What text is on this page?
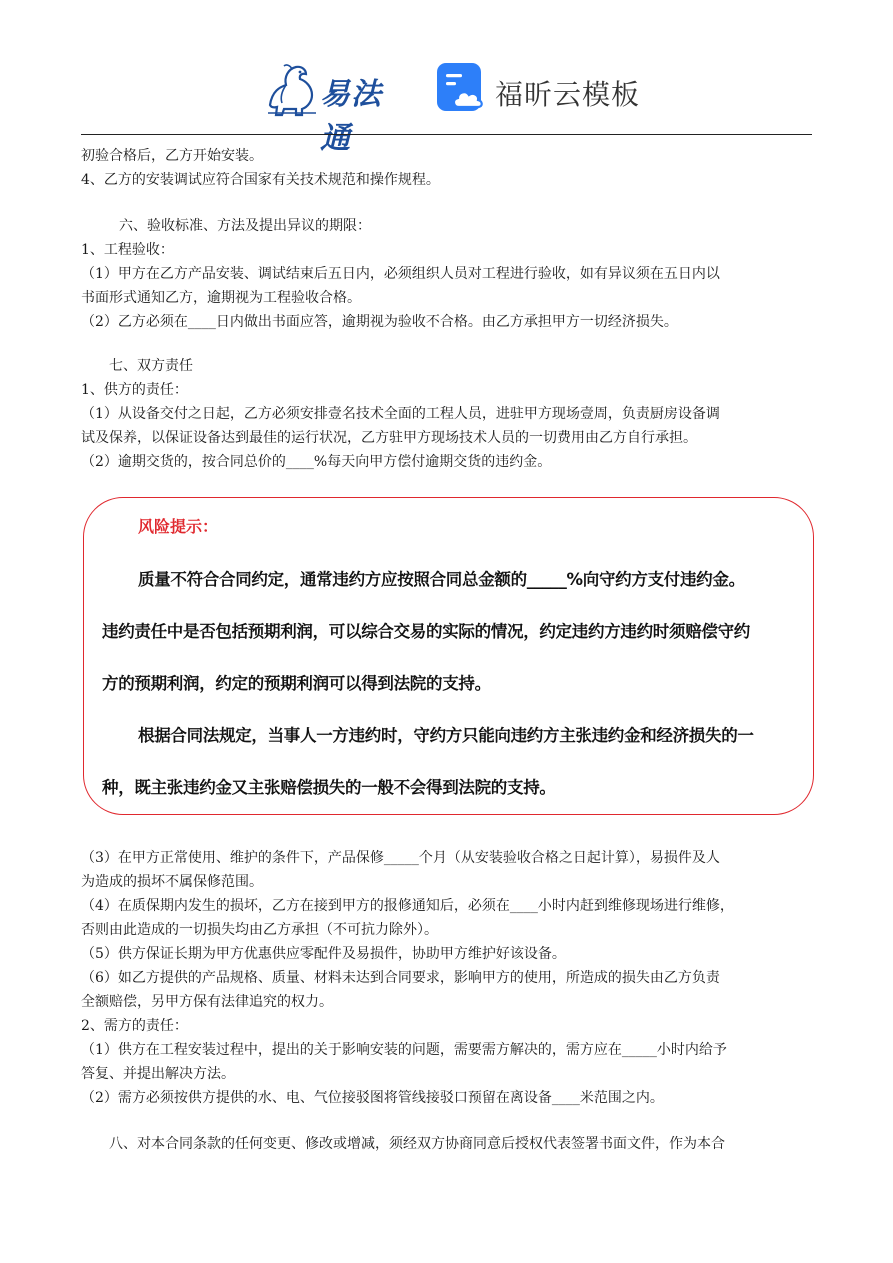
易法通
福昕云模板
初验合格后，乙方开始安装。
4、乙方的安装调试应符合国家有关技术规范和操作规程。
六、验收标准、方法及提出异议的期限：
1、工程验收：
（1）甲方在乙方产品安装、调试结束后五日内，必须组织人员对工程进行验收，如有异议须在五日内以
书面形式通知乙方，逾期视为工程验收合格。
（2）乙方必须在____日内做出书面应答，逾期视为验收不合格。由乙方承担甲方一切经济损失。
七、双方责任
1、供方的责任：
（1）从设备交付之日起，乙方必须安排壹名技术全面的工程人员，进驻甲方现场壹周，负责厨房设备调
试及保养，以保证设备达到最佳的运行状况，乙方驻甲方现场技术人员的一切费用由乙方自行承担。
（2）逾期交货的，按合同总价的____%每天向甲方偿付逾期交货的违约金。
风险提示：
质量不符合合同约定，通常违约方应按照合同总金额的_____%向守约方支付违约金。
违约责任中是否包括预期利润，可以综合交易的实际的情况，约定违约方违约时须赔偿守约
方的预期利润，约定的预期利润可以得到法院的支持。
根据合同法规定，当事人一方违约时，守约方只能向违约方主张违约金和经济损失的一
种，既主张违约金又主张赔偿损失的一般不会得到法院的支持。
（3）在甲方正常使用、维护的条件下，产品保修_____个月（从安装验收合格之日起计算），易损件及人
为造成的损坏不属保修范围。
（4）在质保期内发生的损坏，乙方在接到甲方的报修通知后，必须在____小时内赶到维修现场进行维修，
否则由此造成的一切损失均由乙方承担（不可抗力除外）。
（5）供方保证长期为甲方优惠供应零配件及易损件，协助甲方维护好该设备。
（6）如乙方提供的产品规格、质量、材料未达到合同要求，影响甲方的使用，所造成的损失由乙方负责
全额赔偿，另甲方保有法律追究的权力。
2、需方的责任：
（1）供方在工程安装过程中，提出的关于影响安装的问题，需要需方解决的，需方应在_____小时内给予
答复、并提出解决方法。
（2）需方必须按供方提供的水、电、气位接驳图将管线接驳口预留在离设备____米范围之内。
八、对本合同条款的任何变更、修改或增减，须经双方协商同意后授权代表签署书面文件，作为本合
